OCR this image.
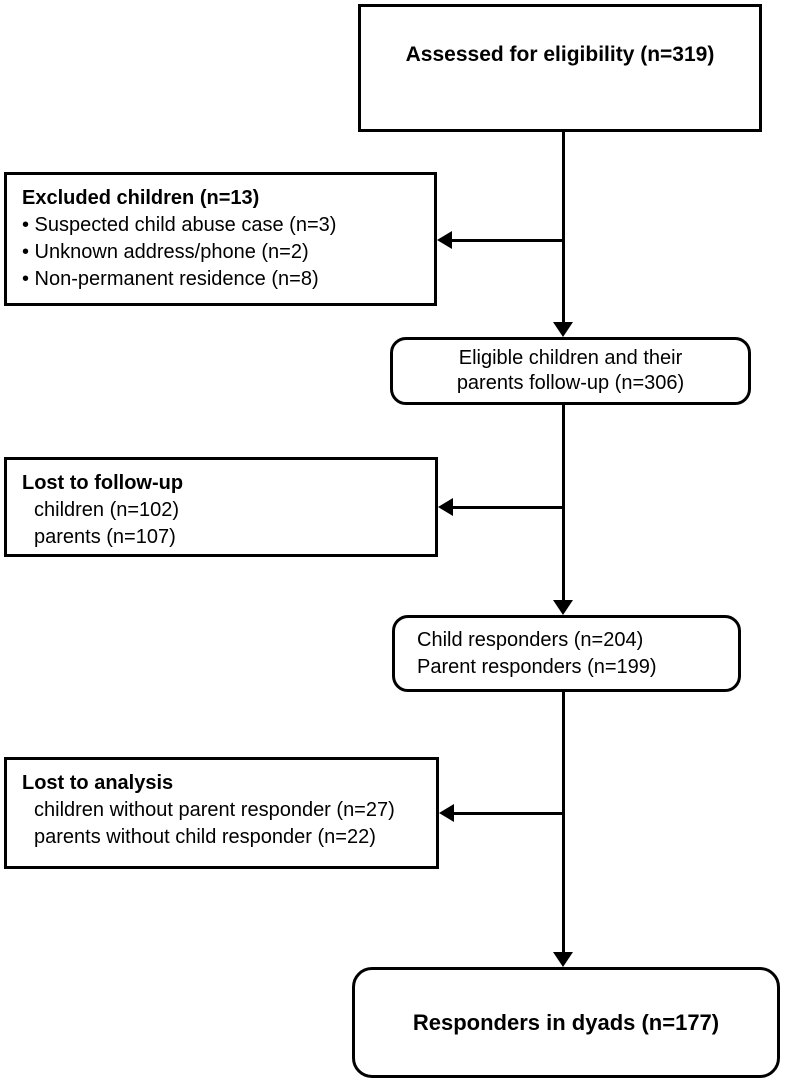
Assessed for eligibility (n=319)
Excluded children (n=13)
• Suspected child abuse case (n=3)
• Unknown address/phone (n=2)
• Non-permanent residence (n=8)
Eligible children and their
parents follow-up (n=306)
Lost to follow-up
children (n=102)
parents (n=107)
Child responders (n=204)
Parent responders (n=199)
Lost to analysis
children without parent responder (n=27)
parents without child responder (n=22)
Responders in dyads (n=177)
